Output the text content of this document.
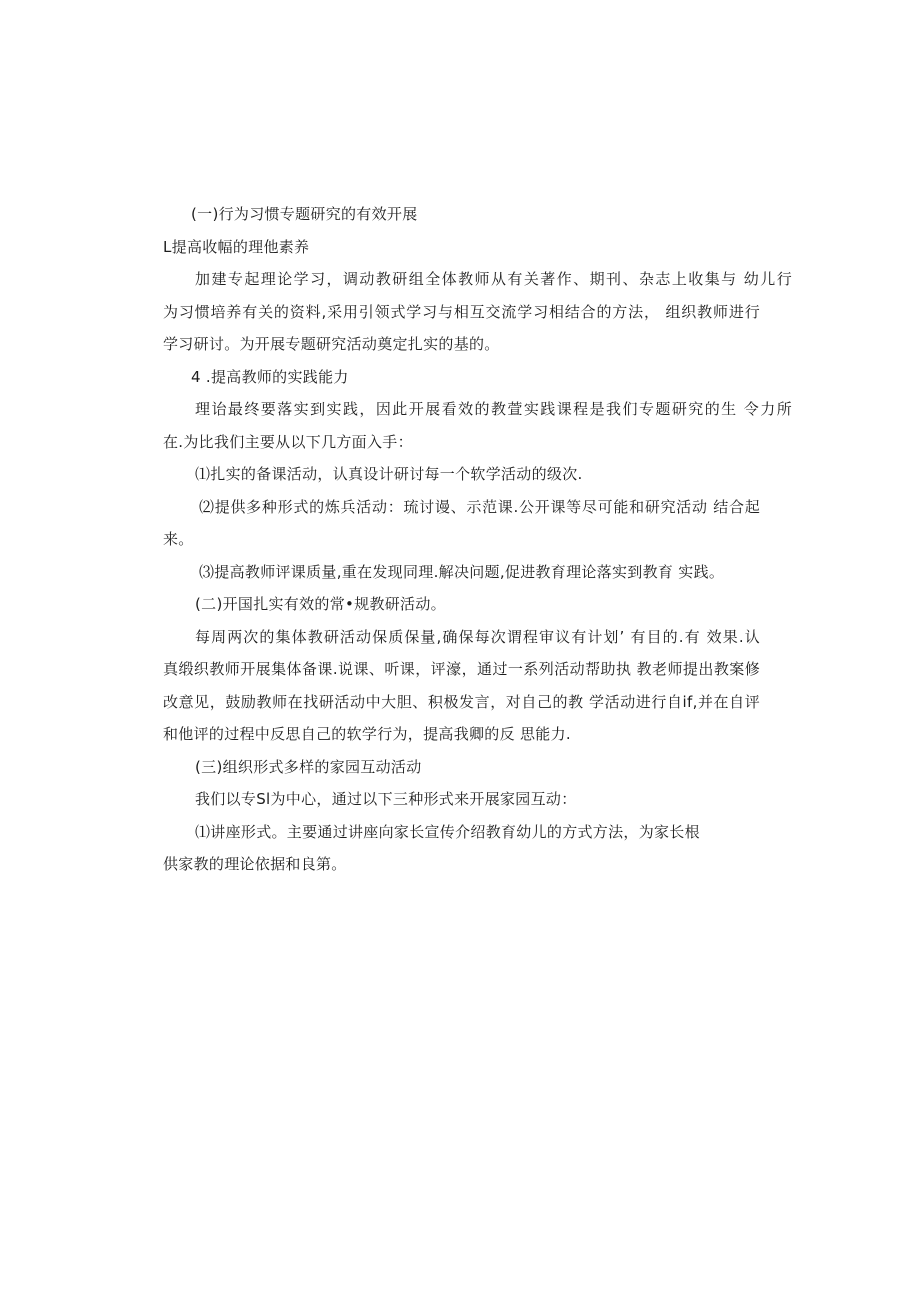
(一)行为习惯专题研究的有效开展
L提高收幅的理他素养
加建专起理论学习，调动教研组全体教师从有关著作、期刊、杂志上收集与 幼儿行
为习惯培养有关的资料,采用引领式学习与相互交流学习相结合的方法， 组织教师进行
学习研讨。为开展专题研究活动奠定扎实的基的。
4 .提高教师的实践能力
理诒最终要落实到实践，因此开展看效的教萱实践课程是我们专题研究的生 令力所
在.为比我们主要从以下几方面入手：
⑴扎实的备课活动，认真设计研讨每一个软学活动的级次.
⑵提供多种形式的炼兵活动：琉讨谩、示范课.公开课等尽可能和研究活动 结合起
来。
⑶提高教师评课质量,重在发现同理.解决问题,促进教育理论落实到教育 实践。
(二)开国扎实有效的常•规教研活动。
每周两次的集体教研活动保质保量,确保每次谓程审议有计划’ 有目的.有 效果.认
真缎织教师开展集体备课.说课、听课，评濠，通过一系列活动帮助执 教老师提出教案修
改意见，鼓励教师在找研活动中大胆、积极发言，对自己的教 学活动进行自if,并在自评
和他评的过程中反思自己的软学行为，提高我卿的反 思能力.
(三)组织形式多样的家园互动活动
我们以专Sl为中心，通过以下三种形式来开展家园互动：
⑴讲座形式。主要通过讲座向家长宣传介绍教育幼儿的方式方法，为家长根
供家教的理论依据和良第。
